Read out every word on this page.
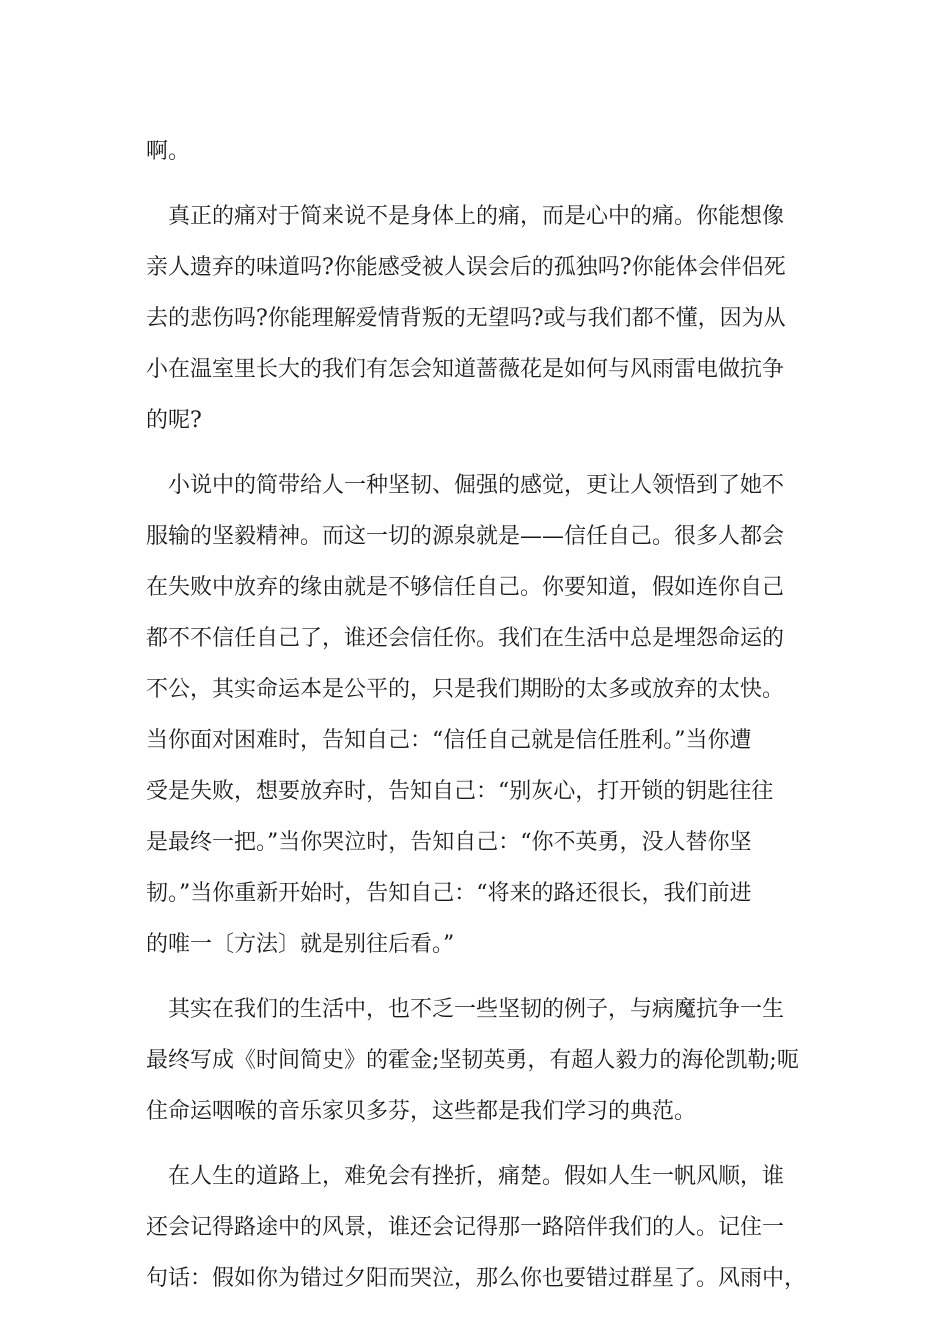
啊。
真正的痛对于简来说不是身体上的痛，而是心中的痛。你能想像
亲人遗弃的味道吗?你能感受被人误会后的孤独吗?你能体会伴侣死
去的悲伤吗?你能理解爱情背叛的无望吗?或与我们都不懂，因为从
小在温室里长大的我们有怎会知道蔷薇花是如何与风雨雷电做抗争
的呢?
小说中的简带给人一种坚韧、倔强的感觉，更让人领悟到了她不
服输的坚毅精神。而这一切的源泉就是——信任自己。很多人都会
在失败中放弃的缘由就是不够信任自己。你要知道，假如连你自己
都不不信任自己了，谁还会信任你。我们在生活中总是埋怨命运的
不公，其实命运本是公平的，只是我们期盼的太多或放弃的太快。
当你面对困难时，告知自己：“信任自己就是信任胜利。”当你遭
受是失败，想要放弃时，告知自己：“别灰心，打开锁的钥匙往往
是最终一把。”当你哭泣时，告知自己：“你不英勇，没人替你坚
韧。”当你重新开始时，告知自己：“将来的路还很长，我们前进
的唯一〔方法〕就是别往后看。”
其实在我们的生活中，也不乏一些坚韧的例子，与病魔抗争一生
最终写成《时间简史》的霍金;坚韧英勇，有超人毅力的海伦凯勒;呃
住命运咽喉的音乐家贝多芬，这些都是我们学习的典范。
在人生的道路上，难免会有挫折，痛楚。假如人生一帆风顺，谁
还会记得路途中的风景，谁还会记得那一路陪伴我们的人。记住一
句话：假如你为错过夕阳而哭泣，那么你也要错过群星了。风雨中，
